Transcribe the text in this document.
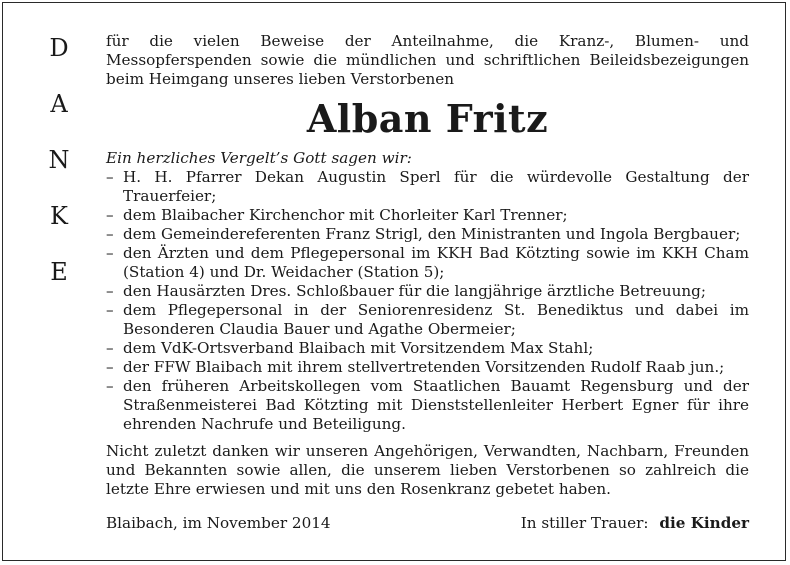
D
A
N
K
E

für die vielen Beweise der Anteilnahme, die Kranz-, Blumen- und Messopferspenden sowie die mündlichen und schriftlichen Beileidsbezeigungen beim Heimgang unseres lieben Verstorbenen

Alban Fritz

Ein herzliches Vergelt’s Gott sagen wir:

– H. H. Pfarrer Dekan Augustin Sperl für die würdevolle Gestaltung der Trauerfeier;
– dem Blaibacher Kirchenchor mit Chorleiter Karl Trenner;
– dem Gemeindereferenten Franz Strigl, den Ministranten und Ingola Bergbauer;
– den Ärzten und dem Pflegepersonal im KKH Bad Kötzting sowie im KKH Cham (Station 4) und Dr. Weidacher (Station 5);
– den Hausärzten Dres. Schloßbauer für die langjährige ärztliche Betreuung;
– dem Pflegepersonal in der Seniorenresidenz St. Benediktus und dabei im Besonderen Claudia Bauer und Agathe Obermeier;
– dem VdK-Ortsverband Blaibach mit Vorsitzendem Max Stahl;
– der FFW Blaibach mit ihrem stellvertretenden Vorsitzenden Rudolf Raab jun.;
– den früheren Arbeitskollegen vom Staatlichen Bauamt Regensburg und der Straßenmeisterei Bad Kötzting mit Dienststellenleiter Herbert Egner für ihre ehrenden Nachrufe und Beteiligung.

Nicht zuletzt danken wir unseren Angehörigen, Verwandten, Nachbarn, Freunden und Bekannten sowie allen, die unserem lieben Verstorbenen so zahlreich die letzte Ehre erwiesen und mit uns den Rosenkranz gebetet haben.

Blaibach, im November 2014	In stiller Trauer: die Kinder
